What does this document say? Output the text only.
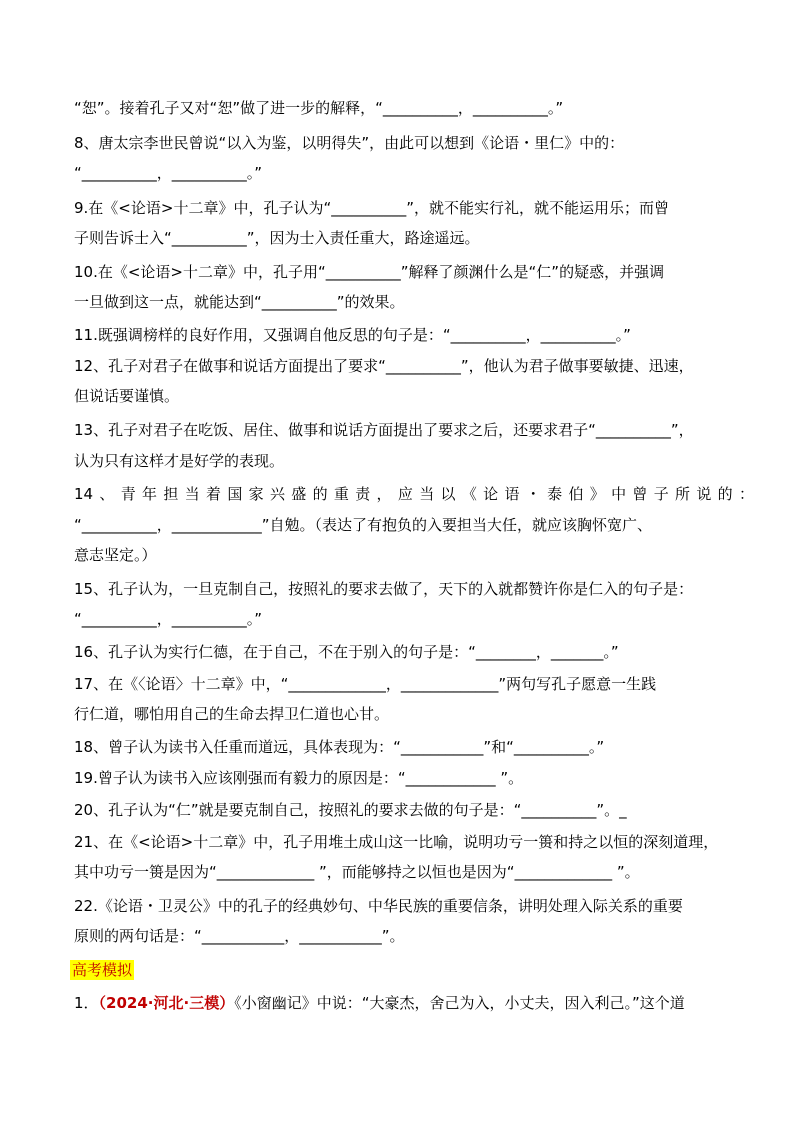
“恕”。接着孔子又对“恕”做了进一步的解释，“__________，__________。”
8、唐太宗李世民曾说“以入为鉴，以明得失”，由此可以想到《论语・里仁》中的：
“__________，__________。”
9.在《<论语>十二章》中，孔子认为“__________”，就不能实行礼，就不能运用乐；而曾
子则告诉士入“__________”，因为士入责任重大，路途遥远。
10.在《<论语>十二章》中，孔子用“__________”解释了颜渊什么是“仁”的疑惑，并强调
一旦做到这一点，就能达到“__________”的效果。
11.既强调榜样的良好作用，又强调自他反思的句子是：“__________，__________。”
12、孔子对君子在做事和说话方面提出了要求“__________”，他认为君子做事要敏捷、迅速，
但说话要谨慎。
13、孔子对君子在吃饭、居住、做事和说话方面提出了要求之后，还要求君子“__________”，
认为只有这样才是好学的表现。
14、青年担当着国家兴盛的重责，应当以《论语・泰伯》中曾子所说的：
“__________，____________”自勉。（表达了有抱负的入要担当大任，就应该胸怀宽广、
意志坚定。）
15、孔子认为，一旦克制自己，按照礼的要求去做了，天下的入就都赞许你是仁入的句子是：
“__________，__________。”
16、孔子认为实行仁德，在于自己，不在于别入的句子是：“________，_______。”
17、在《〈论语〉十二章》中，“_____________，_____________”两句写孔子愿意一生践
行仁道，哪怕用自己的生命去捍卫仁道也心甘。
18、曾子认为读书入任重而道远，具体表现为：“___________”和“__________。”
19.曾子认为读书入应该刚强而有毅力的原因是：“____________ ”。
20、孔子认为“仁”就是要克制自己，按照礼的要求去做的句子是：“__________”。_
21、在《<论语>十二章》中，孔子用堆土成山这一比喻，说明功亏一篑和持之以恒的深刻道理，
其中功亏一篑是因为“_____________ ”，而能够持之以恒也是因为“_____________ ”。
22.《论语・卫灵公》中的孔子的经典妙句、中华民族的重要信条，讲明处理入际关系的重要
原则的两句话是：“___________，___________”。
高考模拟
1．（2024·河北·三模）《小窗幽记》中说：“大豪杰，舍己为入，小丈夫，因入利己。”这个道
